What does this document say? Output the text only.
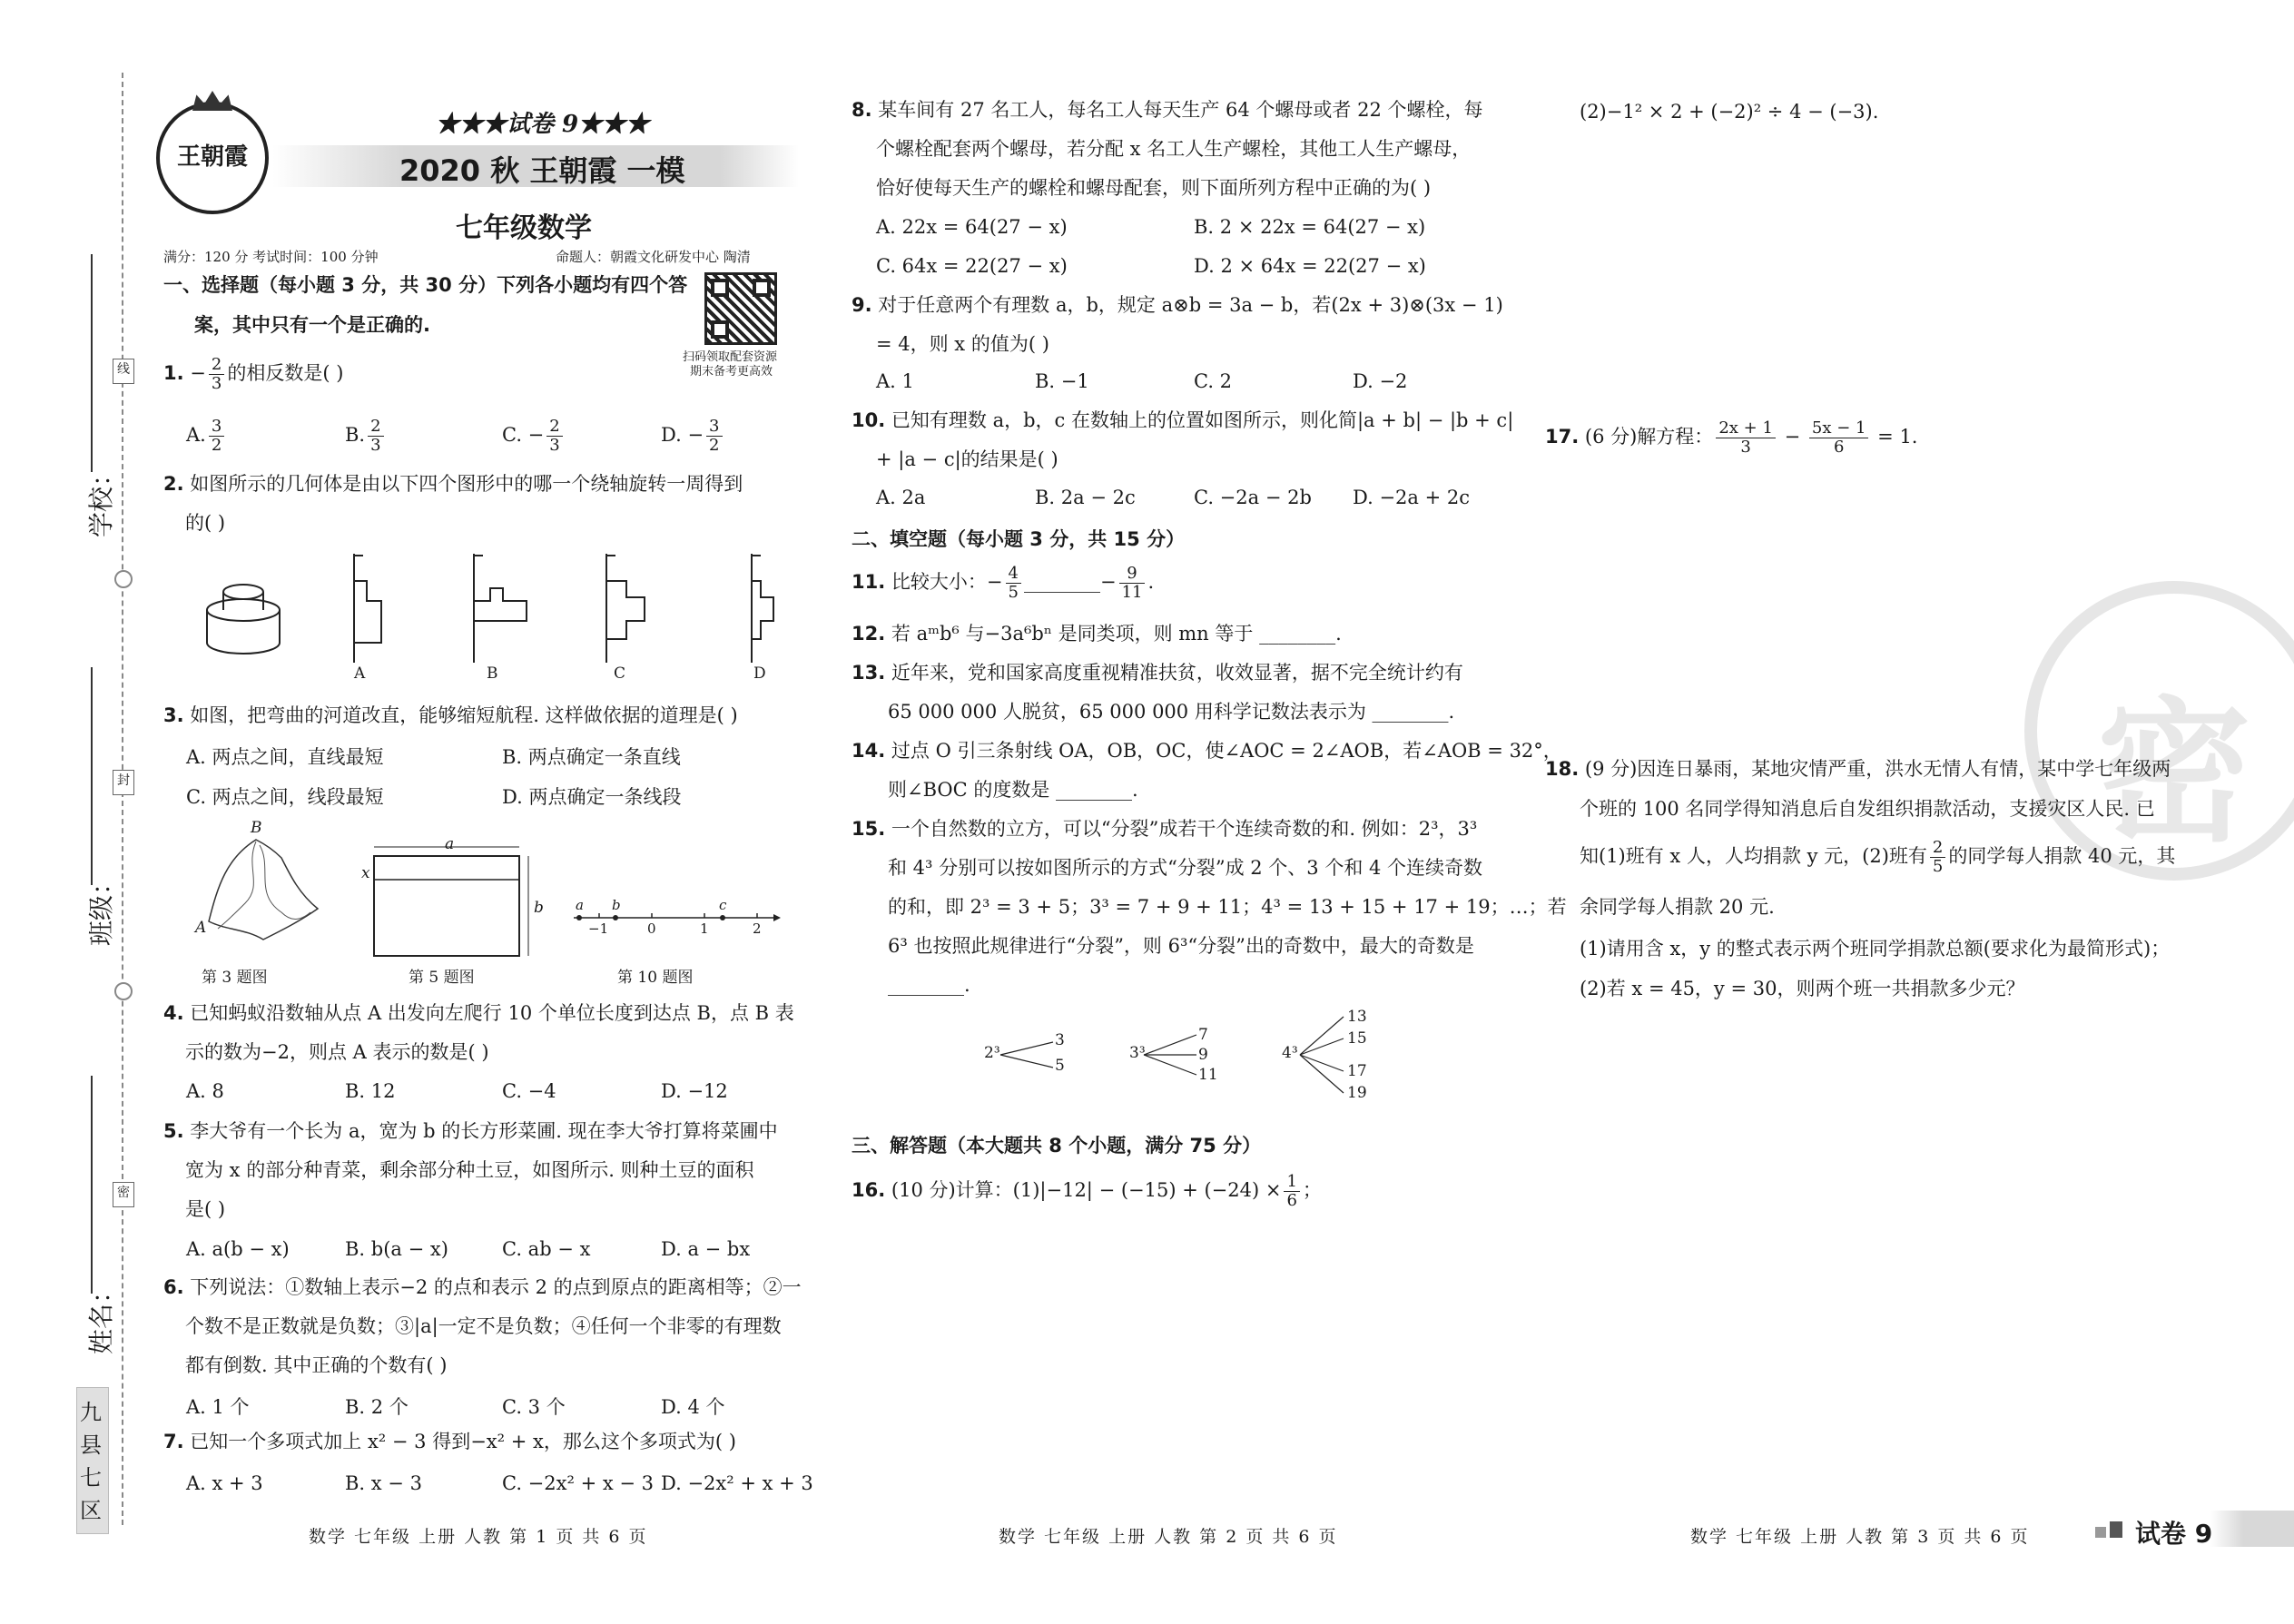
学校：
班级：
姓名：
线
封
密
九县七区
王朝霞
★★★试卷 9★★★
2020 秋 王朝霞 一模
七年级数学
满分：120 分 考试时间：100 分钟	命题人：朝霞文化研发中心 陶清
扫码领取配套资源
期末备考更高效
一、选择题（每小题 3 分，共 30 分）下列各小题均有四个答
案，其中只有一个是正确的.
1. − $\frac{2}{3}$ 的相反数是( )
A. $\frac{3}{2}$	B. $\frac{2}{3}$	C. − $\frac{2}{3}$	D. − $\frac{3}{2}$
2. 如图所示的几何体是由以下四个图形中的哪一个绕轴旋转一周得到
的( )
A	B	C	D
3. 如图，把弯曲的河道改直，能够缩短航程. 这样做依据的道理是( )
A. 两点之间，直线最短	B. 两点确定一条直线
C. 两点之间，线段最短	D. 两点确定一条线段
B
A
第 3 题图
a
x
b
第 5 题图
a b	c
−1	0	1	2
第 10 题图
4. 已知蚂蚁沿数轴从点 A 出发向左爬行 10 个单位长度到达点 B，点 B 表
示的数为−2，则点 A 表示的数是( )
A. 8	B. 12	C. −4	D. −12
5. 李大爷有一个长为 a，宽为 b 的长方形菜圃. 现在李大爷打算将菜圃中
宽为 x 的部分种青菜，剩余部分种土豆，如图所示. 则种土豆的面积
是( )
A. a(b − x)	B. b(a − x)	C. ab − x	D. a − bx
6. 下列说法：①数轴上表示−2 的点和表示 2 的点到原点的距离相等；②一
个数不是正数就是负数；③|a|一定不是负数；④任何一个非零的有理数
都有倒数. 其中正确的个数有( )
A. 1 个	B. 2 个	C. 3 个	D. 4 个
7. 已知一个多项式加上 x² − 3 得到−x² + x，那么这个多项式为( )
A. x + 3	B. x − 3	C. −2x² + x − 3 D. −2x² + x + 3
数学 七年级 上册 人教 第 1 页 共 6 页
8. 某车间有 27 名工人，每名工人每天生产 64 个螺母或者 22 个螺栓，每
个螺栓配套两个螺母，若分配 x 名工人生产螺栓，其他工人生产螺母，
恰好使每天生产的螺栓和螺母配套，则下面所列方程中正确的为( )
A. 22x = 64(27 − x)	B. 2 × 22x = 64(27 − x)
C. 64x = 22(27 − x)	D. 2 × 64x = 22(27 − x)
9. 对于任意两个有理数 a，b，规定 a⊗b = 3a − b，若(2x + 3)⊗(3x − 1)
= 4，则 x 的值为( )
A. 1	B. −1	C. 2	D. −2
10. 已知有理数 a，b，c 在数轴上的位置如图所示，则化简|a + b| − |b + c|
+ |a − c|的结果是( )
A. 2a	B. 2a − 2c	C. −2a − 2b D. −2a + 2c
二、填空题（每小题 3 分，共 15 分）
11. 比较大小：− $\frac{4}{5}$ ________− $\frac{9}{11}$ .
12. 若 aᵐb⁶ 与−3a⁶bⁿ 是同类项，则 mn 等于 ________.
13. 近年来，党和国家高度重视精准扶贫，收效显著，据不完全统计约有
65 000 000 人脱贫，65 000 000 用科学记数法表示为 ________.
14. 过点 O 引三条射线 OA，OB，OC，使∠AOC = 2∠AOB，若∠AOB = 32°，
则∠BOC 的度数是 ________.
15. 一个自然数的立方，可以“分裂”成若干个连续奇数的和. 例如：2³，3³
和 4³ 分别可以按如图所示的方式“分裂”成 2 个、3 个和 4 个连续奇数
的和，即 2³ = 3 + 5；3³ = 7 + 9 + 11；4³ = 13 + 15 + 17 + 19；…；若
6³ 也按照此规律进行“分裂”，则 6³“分裂”出的奇数中，最大的奇数是
________.
2³
3
5
3³
7
9
11
4³
13
15
17
19
三、解答题（本大题共 8 个小题，满分 75 分）
16. (10 分)计算：$(1)|-12| - (-15) + (-24) \times \frac{1}{6}$ ；
数学 七年级 上册 人教 第 2 页 共 6 页
(2)−1² × 2 + (−2)² ÷ 4 − (−3).
17. (6 分)解方程： $\frac{2x + 1}{3} - \frac{5x - 1}{6} = 1$.
密
18. (9 分)因连日暴雨，某地灾情严重，洪水无情人有情，某中学七年级两
个班的 100 名同学得知消息后自发组织捐款活动，支援灾区人民. 已
知(1)班有 x 人，人均捐款 y 元，(2)班有 $\frac{2}{5}$ 的同学每人捐款 40 元，其
余同学每人捐款 20 元.
(1)请用含 x，y 的整式表示两个班同学捐款总额(要求化为最简形式)；
(2)若 x = 45，y = 30，则两个班一共捐款多少元？
数学 七年级 上册 人教 第 3 页 共 6 页	试卷 9
